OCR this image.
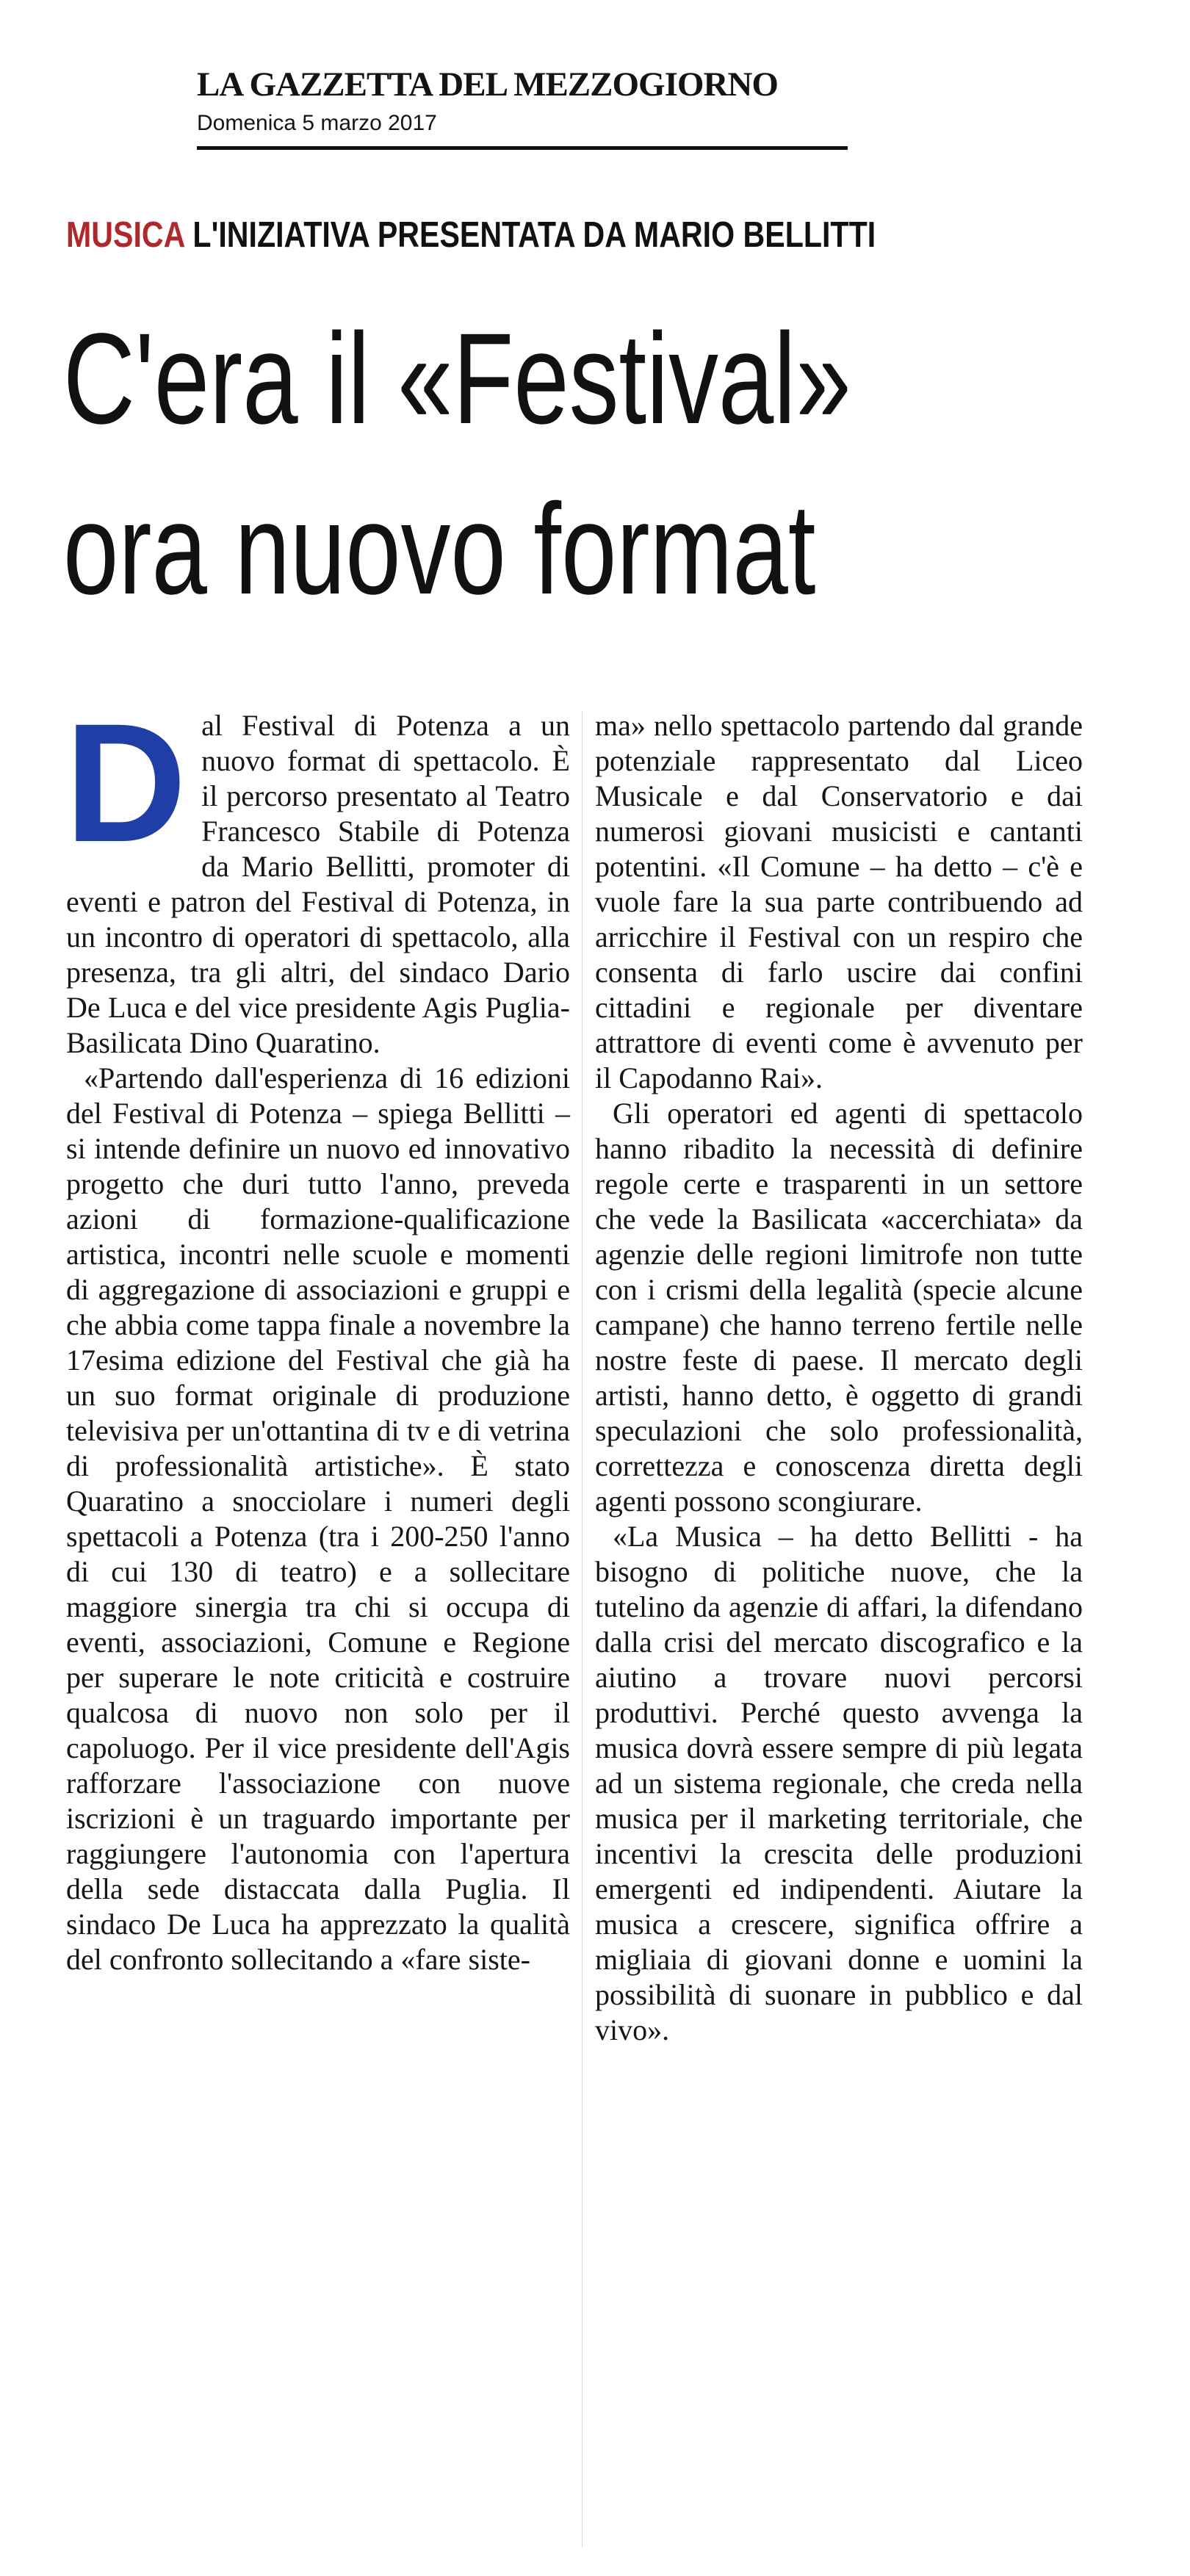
LA GAZZETTA DEL MEZZOGIORNO
Domenica 5 marzo 2017
MUSICA L'INIZIATIVA PRESENTATA DA MARIO BELLITTI
C'era il «Festival»
ora nuovo format

Dal Festival di Potenza a un nuovo format di spettacolo. È il percorso presentato al Teatro Francesco Stabile di Potenza da Mario Bellitti, promoter di eventi e patron del Festival di Potenza, in un incontro di operatori di spettacolo, alla presenza, tra gli altri, del sindaco Dario De Luca e del vice presidente Agis Puglia-Basilicata Dino Quaratino.

«Partendo dall'esperienza di 16 edizioni del Festival di Potenza – spiega Bellitti – si intende definire un nuovo ed innovativo progetto che duri tutto l'anno, preveda azioni di formazione-qualificazione artistica, incontri nelle scuole e momenti di aggregazione di associazioni e gruppi e che abbia come tappa finale a novembre la 17esima edizione del Festival che già ha un suo format originale di produzione televisiva per un'ottantina di tv e di vetrina di professionalità artistiche». È stato Quaratino a snocciolare i numeri degli spettacoli a Potenza (tra i 200-250 l'anno di cui 130 di teatro) e a sollecitare maggiore sinergia tra chi si occupa di eventi, associazioni, Comune e Regione per superare le note criticità e costruire qualcosa di nuovo non solo per il capoluogo. Per il vice presidente dell'Agis rafforzare l'associazione con nuove iscrizioni è un traguardo importante per raggiungere l'autonomia con l'apertura della sede distaccata dalla Puglia. Il sindaco De Luca ha apprezzato la qualità del confronto sollecitando a «fare siste-

ma» nello spettacolo partendo dal grande potenziale rappresentato dal Liceo Musicale e dal Conservatorio e dai numerosi giovani musicisti e cantanti potentini. «Il Comune – ha detto – c'è e vuole fare la sua parte contribuendo ad arricchire il Festival con un respiro che consenta di farlo uscire dai confini cittadini e regionale per diventare attrattore di eventi come è avvenuto per il Capodanno Rai».

Gli operatori ed agenti di spettacolo hanno ribadito la necessità di definire regole certe e trasparenti in un settore che vede la Basilicata «accerchiata» da agenzie delle regioni limitrofe non tutte con i crismi della legalità (specie alcune campane) che hanno terreno fertile nelle nostre feste di paese. Il mercato degli artisti, hanno detto, è oggetto di grandi speculazioni che solo professionalità, correttezza e conoscenza diretta degli agenti possono scongiurare.

«La Musica – ha detto Bellitti - ha bisogno di politiche nuove, che la tutelino da agenzie di affari, la difendano dalla crisi del mercato discografico e la aiutino a trovare nuovi percorsi produttivi. Perché questo avvenga la musica dovrà essere sempre di più legata ad un sistema regionale, che creda nella musica per il marketing territoriale, che incentivi la crescita delle produzioni emergenti ed indipendenti. Aiutare la musica a crescere, significa offrire a migliaia di giovani donne e uomini la possibilità di suonare in pubblico e dal vivo».
